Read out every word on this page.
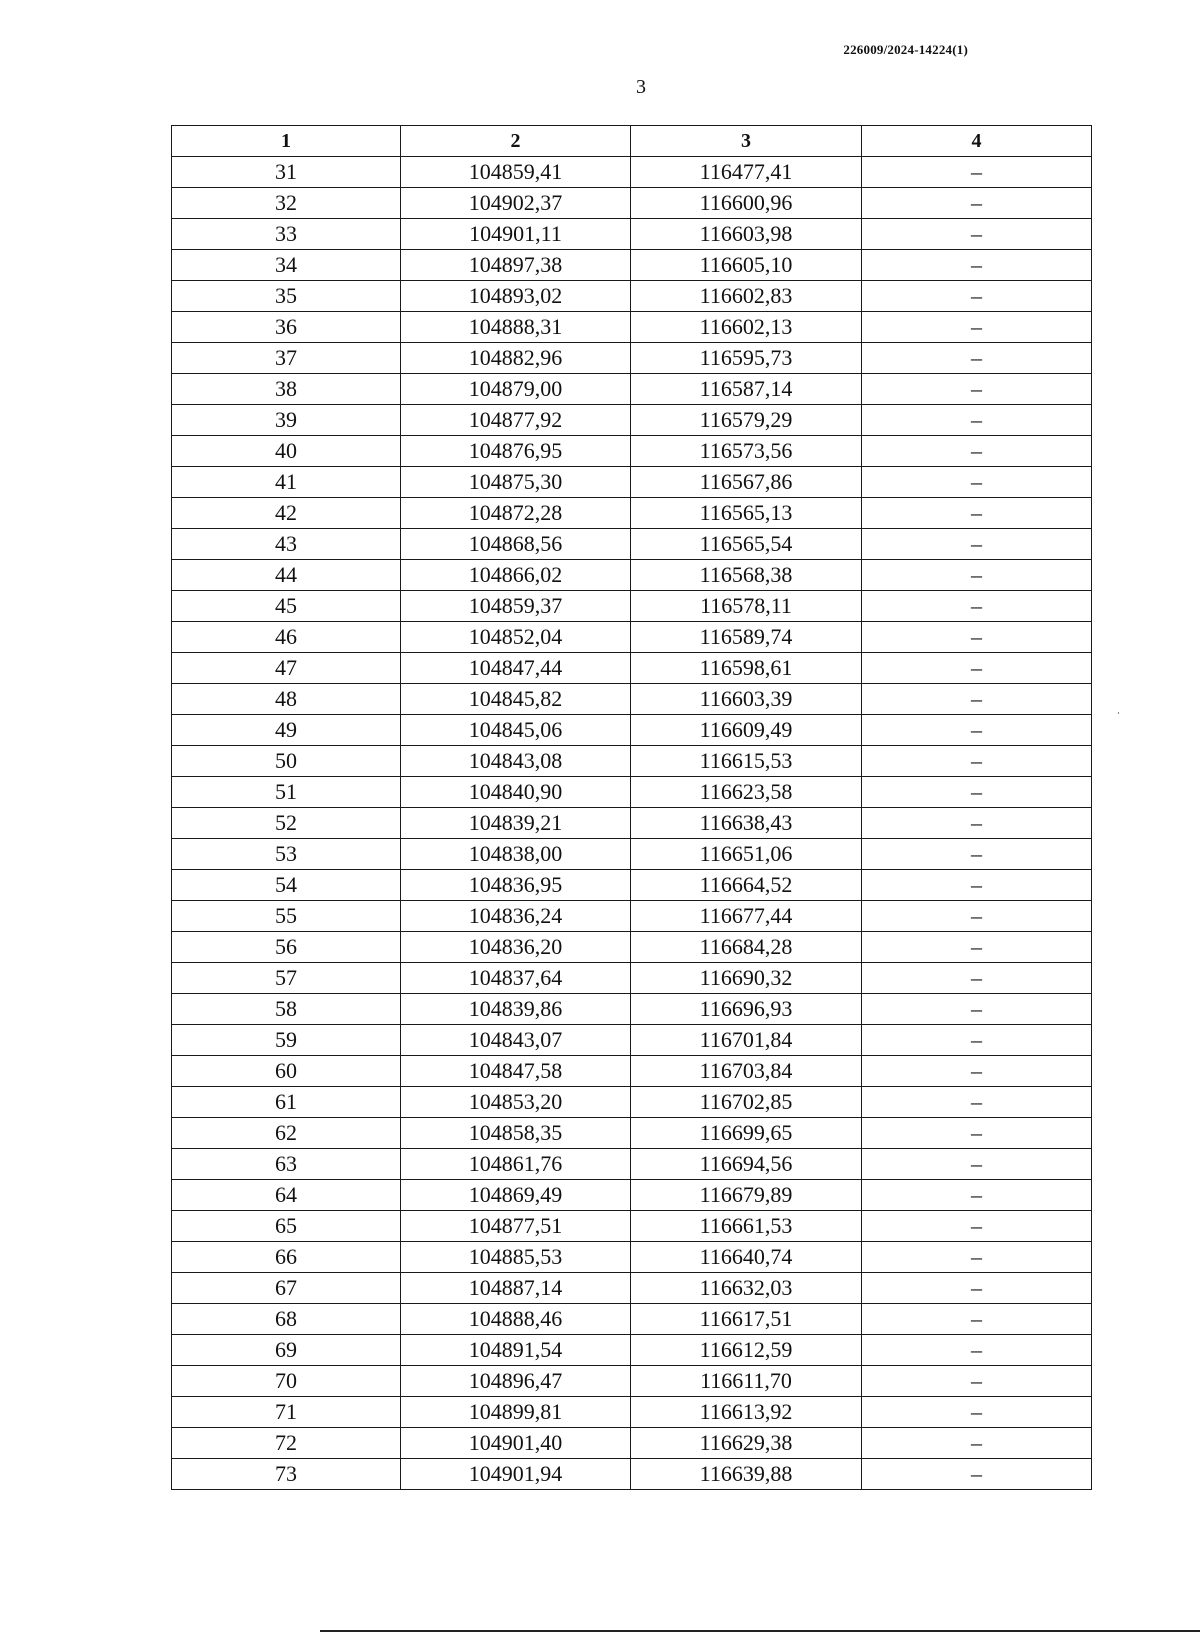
226009/2024-14224(1)
3
1	2	3	4
31	104859,41	116477,41	–
32	104902,37	116600,96	–
33	104901,11	116603,98	–
34	104897,38	116605,10	–
35	104893,02	116602,83	–
36	104888,31	116602,13	–
37	104882,96	116595,73	–
38	104879,00	116587,14	–
39	104877,92	116579,29	–
40	104876,95	116573,56	–
41	104875,30	116567,86	–
42	104872,28	116565,13	–
43	104868,56	116565,54	–
44	104866,02	116568,38	–
45	104859,37	116578,11	–
46	104852,04	116589,74	–
47	104847,44	116598,61	–
48	104845,82	116603,39	–
49	104845,06	116609,49	–
50	104843,08	116615,53	–
51	104840,90	116623,58	–
52	104839,21	116638,43	–
53	104838,00	116651,06	–
54	104836,95	116664,52	–
55	104836,24	116677,44	–
56	104836,20	116684,28	–
57	104837,64	116690,32	–
58	104839,86	116696,93	–
59	104843,07	116701,84	–
60	104847,58	116703,84	–
61	104853,20	116702,85	–
62	104858,35	116699,65	–
63	104861,76	116694,56	–
64	104869,49	116679,89	–
65	104877,51	116661,53	–
66	104885,53	116640,74	–
67	104887,14	116632,03	–
68	104888,46	116617,51	–
69	104891,54	116612,59	–
70	104896,47	116611,70	–
71	104899,81	116613,92	–
72	104901,40	116629,38	–
73	104901,94	116639,88	–
